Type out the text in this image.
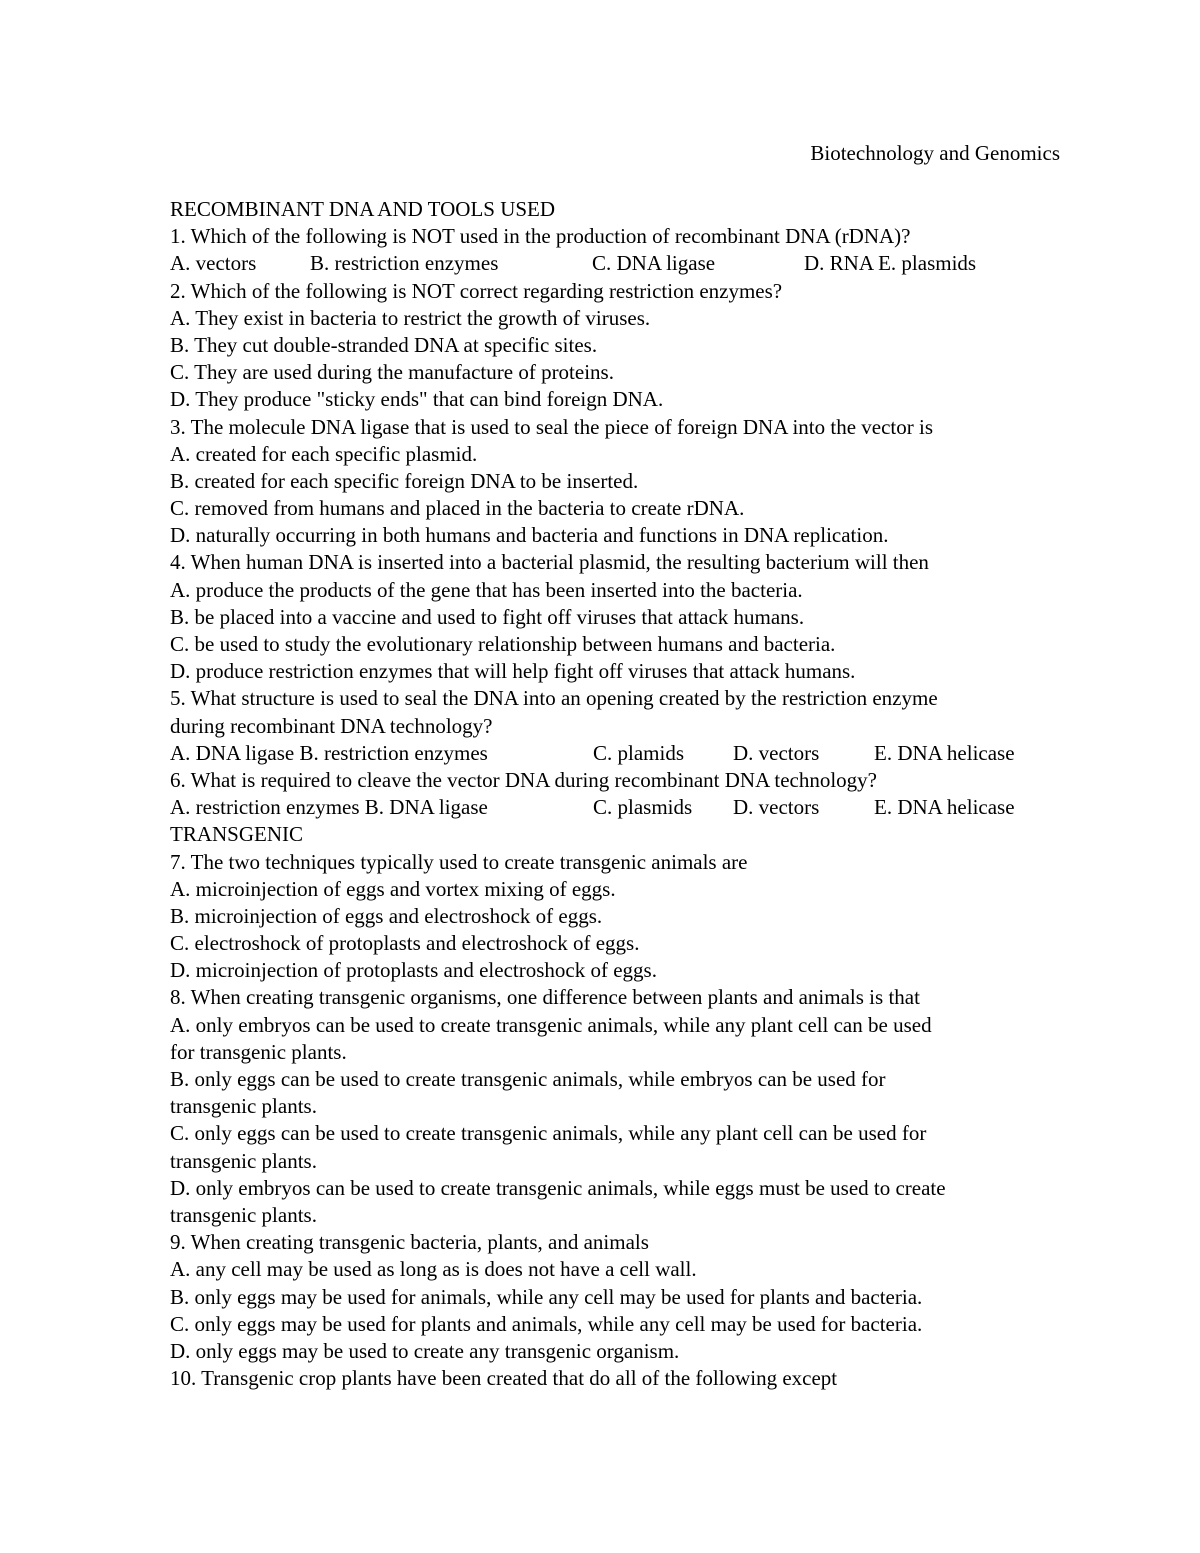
Biotechnology and Genomics
RECOMBINANT DNA AND TOOLS USED
1. Which of the following is NOT used in the production of recombinant DNA (rDNA)?
A. vectors	B. restriction enzymes	C. DNA ligase	D. RNA E. plasmids
2. Which of the following is NOT correct regarding restriction enzymes?
A. They exist in bacteria to restrict the growth of viruses.
B. They cut double-stranded DNA at specific sites.
C. They are used during the manufacture of proteins.
D. They produce "sticky ends" that can bind foreign DNA.
3. The molecule DNA ligase that is used to seal the piece of foreign DNA into the vector is
A. created for each specific plasmid.
B. created for each specific foreign DNA to be inserted.
C. removed from humans and placed in the bacteria to create rDNA.
D. naturally occurring in both humans and bacteria and functions in DNA replication.
4. When human DNA is inserted into a bacterial plasmid, the resulting bacterium will then
A. produce the products of the gene that has been inserted into the bacteria.
B. be placed into a vaccine and used to fight off viruses that attack humans.
C. be used to study the evolutionary relationship between humans and bacteria.
D. produce restriction enzymes that will help fight off viruses that attack humans.
5. What structure is used to seal the DNA into an opening created by the restriction enzyme
during recombinant DNA technology?
A. DNA ligase B. restriction enzymes	C. plamids D. vectors	E. DNA helicase
6. What is required to cleave the vector DNA during recombinant DNA technology?
A. restriction enzymes B. DNA ligase	C. plasmids D. vectors	E. DNA helicase
TRANSGENIC
7. The two techniques typically used to create transgenic animals are
A. microinjection of eggs and vortex mixing of eggs.
B. microinjection of eggs and electroshock of eggs.
C. electroshock of protoplasts and electroshock of eggs.
D. microinjection of protoplasts and electroshock of eggs.
8. When creating transgenic organisms, one difference between plants and animals is that
A. only embryos can be used to create transgenic animals, while any plant cell can be used
for transgenic plants.
B. only eggs can be used to create transgenic animals, while embryos can be used for
transgenic plants.
C. only eggs can be used to create transgenic animals, while any plant cell can be used for
transgenic plants.
D. only embryos can be used to create transgenic animals, while eggs must be used to create
transgenic plants.
9. When creating transgenic bacteria, plants, and animals
A. any cell may be used as long as is does not have a cell wall.
B. only eggs may be used for animals, while any cell may be used for plants and bacteria.
C. only eggs may be used for plants and animals, while any cell may be used for bacteria.
D. only eggs may be used to create any transgenic organism.
10. Transgenic crop plants have been created that do all of the following except
